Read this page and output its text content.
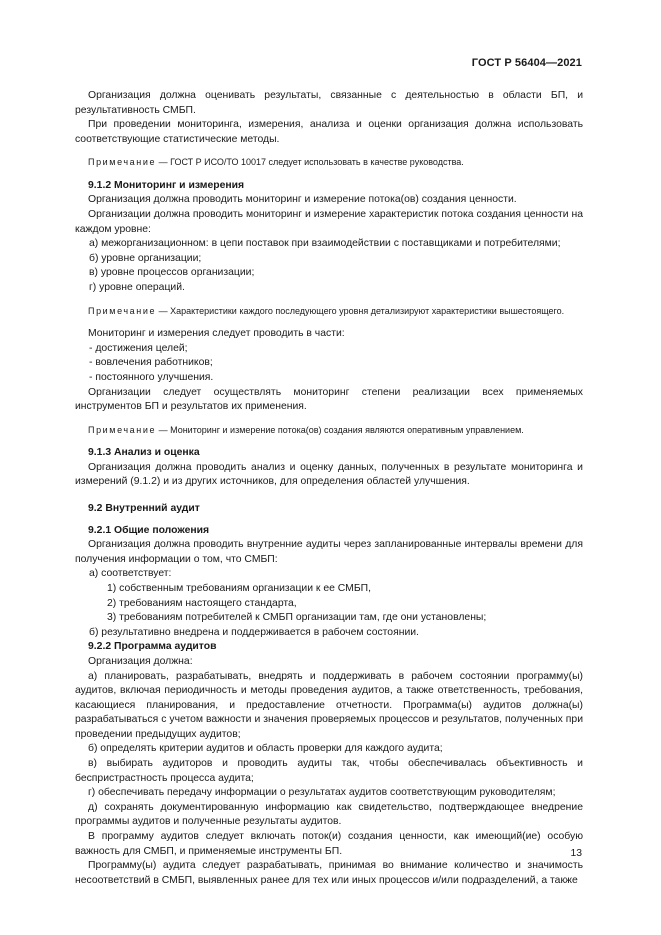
ГОСТ Р 56404—2021

Организация должна оценивать результаты, связанные с деятельностью в области БП, и результативность СМБП.

При проведении мониторинга, измерения, анализа и оценки организация должна использовать соответствующие статистические методы.

Примечание — ГОСТ Р ИСО/ТО 10017 следует использовать в качестве руководства.

9.1.2 Мониторинг и измерения

Организация должна проводить мониторинг и измерение потока(ов) создания ценности.

Организации должна проводить мониторинг и измерение характеристик потока создания ценности на каждом уровне:

а) межорганизационном: в цепи поставок при взаимодействии с поставщиками и потребителями;

б) уровне организации;

в) уровне процессов организации;

г) уровне операций.

Примечание — Характеристики каждого последующего уровня детализируют характеристики вышестоящего.

Мониторинг и измерения следует проводить в части:

- достижения целей;

- вовлечения работников;

- постоянного улучшения.

Организации следует осуществлять мониторинг степени реализации всех применяемых инструментов БП и результатов их применения.

Примечание — Мониторинг и измерение потока(ов) создания являются оперативным управлением.

9.1.3 Анализ и оценка

Организация должна проводить анализ и оценку данных, полученных в результате мониторинга и измерений (9.1.2) и из других источников, для определения областей улучшения.

9.2 Внутренний аудит

9.2.1 Общие положения

Организация должна проводить внутренние аудиты через запланированные интервалы времени для получения информации о том, что СМБП:

а) соответствует:

1) собственным требованиям организации к ее СМБП,

2) требованиям настоящего стандарта,

3) требованиям потребителей к СМБП организации там, где они установлены;

б) результативно внедрена и поддерживается в рабочем состоянии.

9.2.2 Программа аудитов

Организация должна:

а) планировать, разрабатывать, внедрять и поддерживать в рабочем состоянии программу(ы) аудитов, включая периодичность и методы проведения аудитов, а также ответственность, требования, касающиеся планирования, и предоставление отчетности. Программа(ы) аудитов должна(ы) разрабатываться с учетом важности и значения проверяемых процессов и результатов, полученных при проведении предыдущих аудитов;

б) определять критерии аудитов и область проверки для каждого аудита;

в) выбирать аудиторов и проводить аудиты так, чтобы обеспечивалась объективность и беспристрастность процесса аудита;

г) обеспечивать передачу информации о результатах аудитов соответствующим руководителям;

д) сохранять документированную информацию как свидетельство, подтверждающее внедрение программы аудитов и полученные результаты аудитов.

В программу аудитов следует включать поток(и) создания ценности, как имеющий(ие) особую важность для СМБП, и применяемые инструменты БП.

Программу(ы) аудита следует разрабатывать, принимая во внимание количество и значимость несоответствий в СМБП, выявленных ранее для тех или иных процессов и/или подразделений, а также

13
